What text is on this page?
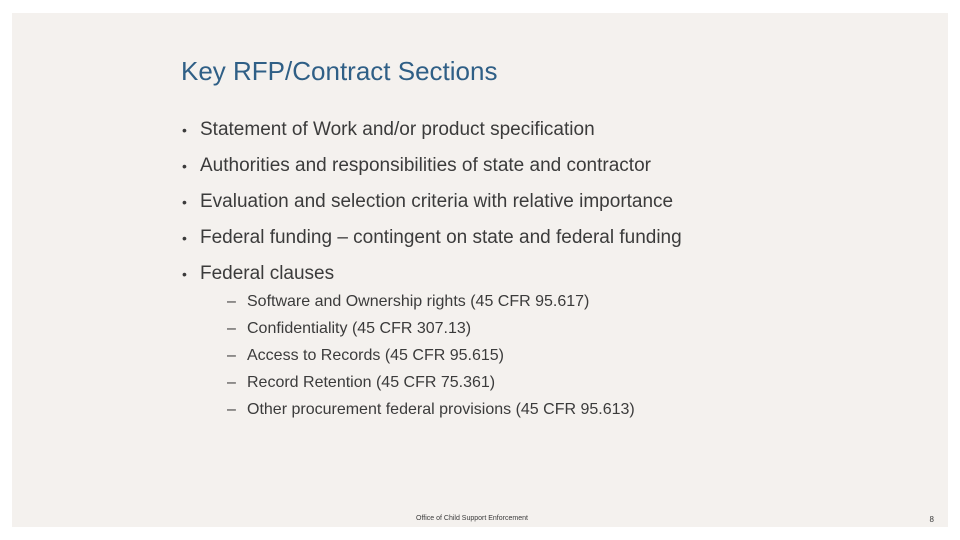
Key RFP/Contract Sections
• Statement of Work and/or product specification
• Authorities and responsibilities of state and contractor
• Evaluation and selection criteria with relative importance
• Federal funding – contingent on state and federal funding
• Federal clauses
– Software and Ownership rights (45 CFR 95.617)
– Confidentiality (45 CFR 307.13)
– Access to Records (45 CFR 95.615)
– Record Retention (45 CFR 75.361)
– Other procurement federal provisions (45 CFR 95.613)
Office of Child Support Enforcement	8
